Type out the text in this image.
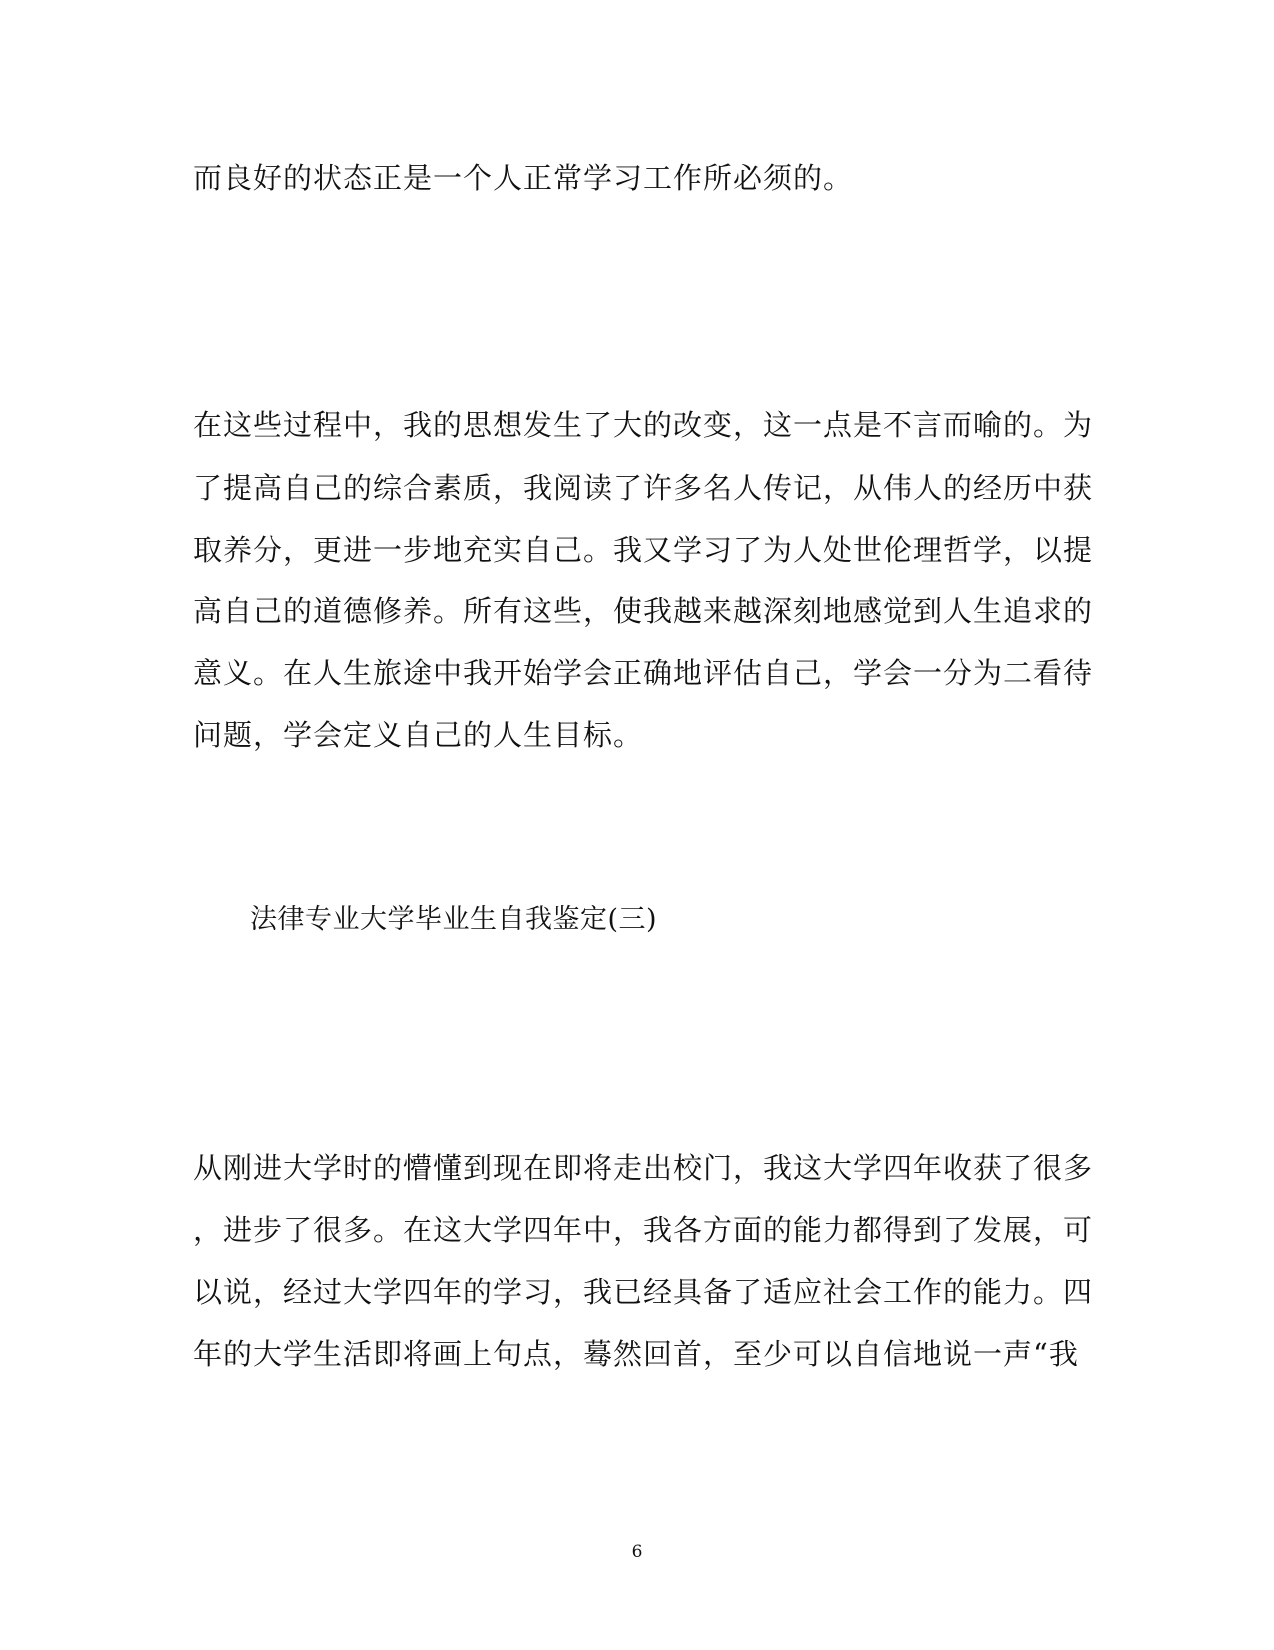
而良好的状态正是一个人正常学习工作所必须的。
在这些过程中，我的思想发生了大的改变，这一点是不言而喻的。为
了提高自己的综合素质，我阅读了许多名人传记，从伟人的经历中获
取养分，更进一步地充实自己。我又学习了为人处世伦理哲学，以提
高自己的道德修养。所有这些，使我越来越深刻地感觉到人生追求的
意义。在人生旅途中我开始学会正确地评估自己，学会一分为二看待
问题，学会定义自己的人生目标。
法律专业大学毕业生自我鉴定(三)
从刚进大学时的懵懂到现在即将走出校门，我这大学四年收获了很多
，进步了很多。在这大学四年中，我各方面的能力都得到了发展，可
以说，经过大学四年的学习，我已经具备了适应社会工作的能力。四
年的大学生活即将画上句点，蓦然回首，至少可以自信地说一声“我
6
